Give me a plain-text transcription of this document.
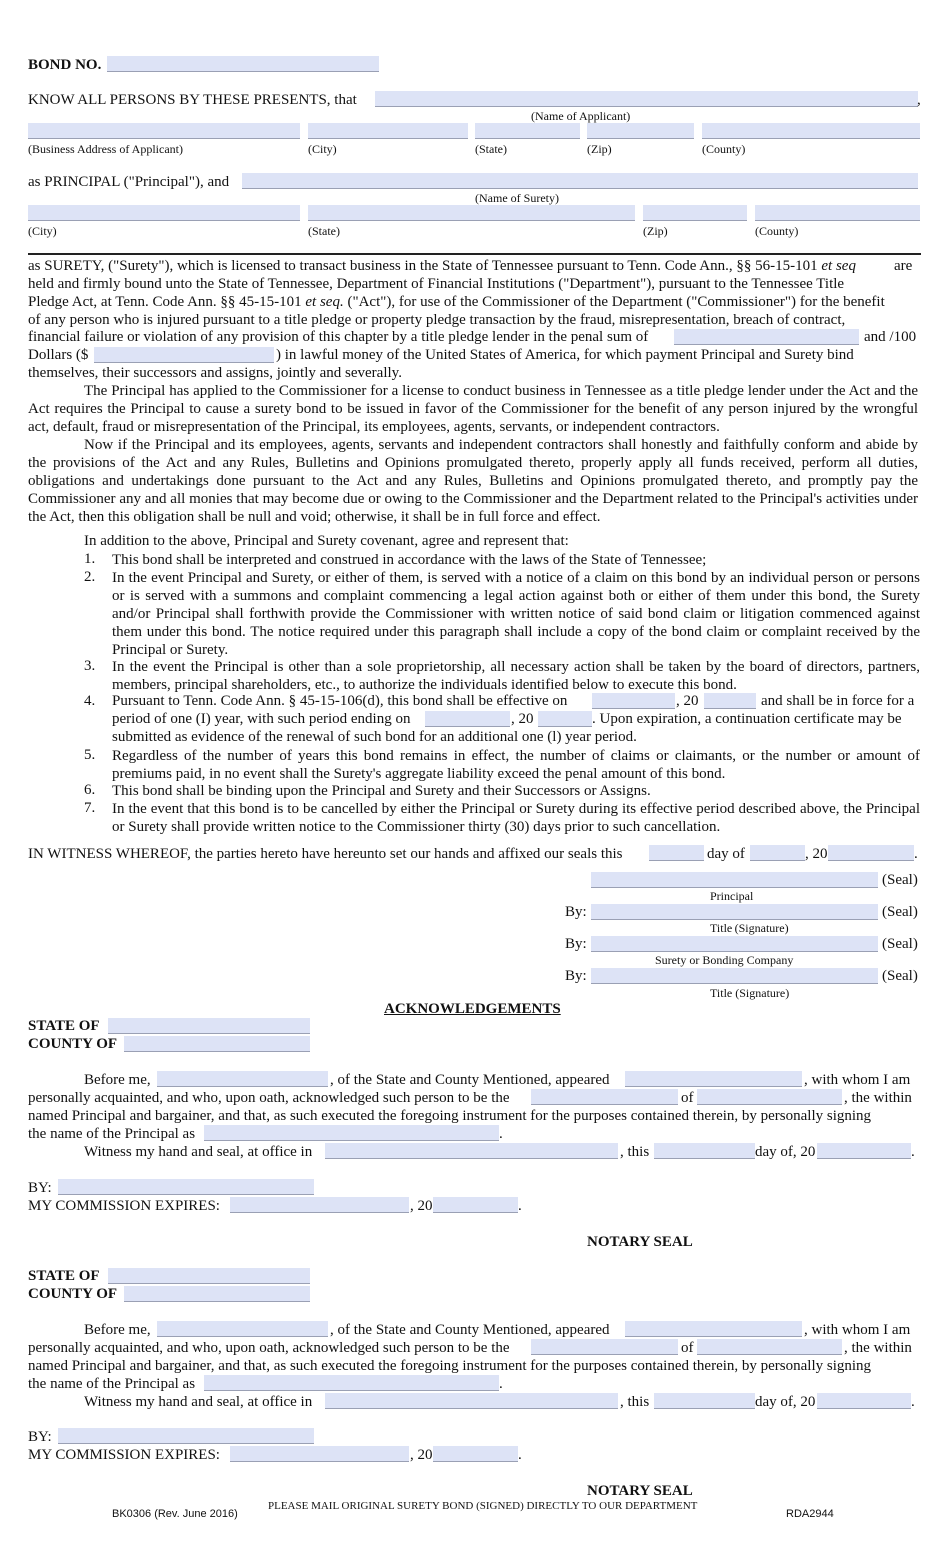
BOND NO.
KNOW ALL PERSONS BY THESE PRESENTS, that	,
(Name of Applicant)
(Business Address of Applicant)	(City)	(State)	(Zip)	(County)
as PRINCIPAL ("Principal"), and
(Name of Surety)
(City)	(State)	(Zip)	(County)
as SURETY, ("Surety"), which is licensed to transact business in the State of Tennessee pursuant to Tenn. Code Ann., §§ 56-15-101 et seq	are
held and firmly bound unto the State of Tennessee, Department of Financial Institutions ("Department"), pursuant to the Tennessee Title
Pledge Act, at Tenn. Code Ann. §§ 45-15-101 et seq. ("Act"), for use of the Commissioner of the Department ("Commissioner") for the benefit
of any person who is injured pursuant to a title pledge or property pledge transaction by the fraud, misrepresentation, breach of contract,
financial failure or violation of any provision of this chapter by a title pledge lender in the penal sum of	and /100
Dollars ($	) in lawful money of the United States of America, for which payment Principal and Surety bind
themselves, their successors and assigns, jointly and severally.
The Principal has applied to the Commissioner for a license to conduct business in Tennessee as a title pledge lender under the Act and the Act requires the Principal to cause a surety bond to be issued in favor of the Commissioner for the benefit of any person injured by the wrongful act, default, fraud or misrepresentation of the Principal, its employees, agents, servants, or independent contractors.
Now if the Principal and its employees, agents, servants and independent contractors shall honestly and faithfully conform and abide by the provisions of the Act and any Rules, Bulletins and Opinions promulgated thereto, properly apply all funds received, perform all duties, obligations and undertakings done pursuant to the Act and any Rules, Bulletins and Opinions promulgated thereto, and promptly pay the Commissioner any and all monies that may become due or owing to the Commissioner and the Department related to the Principal's activities under the Act, then this obligation shall be null and void; otherwise, it shall be in full force and effect.
In addition to the above, Principal and Surety covenant, agree and represent that:
1. This bond shall be interpreted and construed in accordance with the laws of the State of Tennessee;
2. In the event Principal and Surety, or either of them, is served with a notice of a claim on this bond by an individual person or persons or is served with a summons and complaint commencing a legal action against both or either of them under this bond, the Surety and/or Principal shall forthwith provide the Commissioner with written notice of said bond claim or litigation commenced against them under this bond. The notice required under this paragraph shall include a copy of the bond claim or complaint received by the Principal or Surety.
3. In the event the Principal is other than a sole proprietorship, all necessary action shall be taken by the board of directors, partners, members, principal shareholders, etc., to authorize the individuals identified below to execute this bond.
4. Pursuant to Tenn. Code Ann. § 45-15-106(d), this bond shall be effective on	, 20	and shall be in force for a
period of one (I) year, with such period ending on	, 20	. Upon expiration, a continuation certificate may be
submitted as evidence of the renewal of such bond for an additional one (l) year period.
5. Regardless of the number of years this bond remains in effect, the number of claims or claimants, or the number or amount of premiums paid, in no event shall the Surety's aggregate liability exceed the penal amount of this bond.
6. This bond shall be binding upon the Principal and Surety and their Successors or Assigns.
7. In the event that this bond is to be cancelled by either the Principal or Surety during its effective period described above, the Principal or Surety shall provide written notice to the Commissioner thirty (30) days prior to such cancellation.
IN WITNESS WHEREOF, the parties hereto have hereunto set our hands and affixed our seals this	day of	, 20	.
(Seal)
Principal
By:	(Seal)
Title (Signature)
By:	(Seal)
Surety or Bonding Company
By:	(Seal)
Title (Signature)
ACKNOWLEDGEMENTS
STATE OF
COUNTY OF
Before me,	, of the State and County Mentioned, appeared	, with whom I am
personally acquainted, and who, upon oath, acknowledged such person to be the	of	, the within
named Principal and bargainer, and that, as such executed the foregoing instrument for the purposes contained therein, by personally signing
the name of the Principal as	.
Witness my hand and seal, at office in	, this	day of, 20	.
BY:
MY COMMISSION EXPIRES:	, 20	.
NOTARY SEAL
STATE OF
COUNTY OF
Before me,	, of the State and County Mentioned, appeared	, with whom I am
personally acquainted, and who, upon oath, acknowledged such person to be the	of	, the within
named Principal and bargainer, and that, as such executed the foregoing instrument for the purposes contained therein, by personally signing
the name of the Principal as	.
Witness my hand and seal, at office in	, this	day of, 20	.
BY:
MY COMMISSION EXPIRES:	, 20	.
NOTARY SEAL
BK0306 (Rev. June 2016)
PLEASE MAIL ORIGINAL SURETY BOND (SIGNED) DIRECTLY TO OUR DEPARTMENT
RDA2944
